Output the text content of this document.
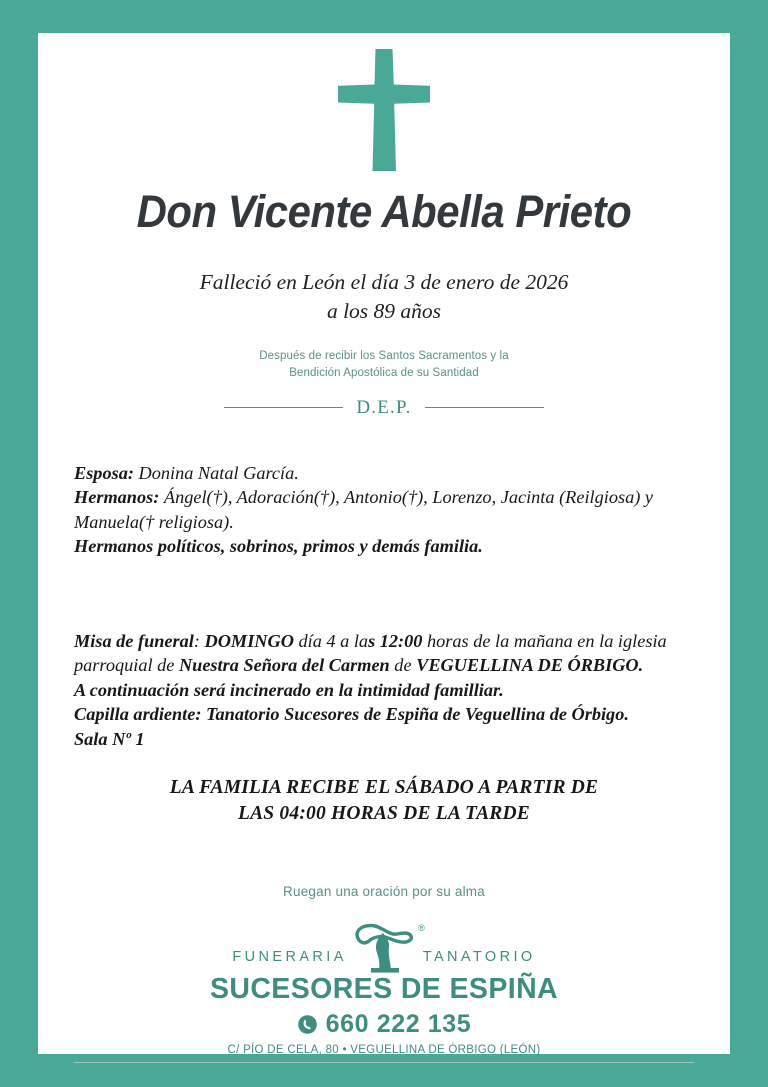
Don Vicente Abella Prieto
Falleció en León el día 3 de enero de 2026
a los 89 años
Después de recibir los Santos Sacramentos y la
Bendición Apostólica de su Santidad
D.E.P.
Esposa: Donina Natal García.
Hermanos: Ángel(†), Adoración(†), Antonio(†), Lorenzo, Jacinta (Reilgiosa) y Manuela(† religiosa).
Hermanos políticos, sobrinos, primos y demás familia.
Misa de funeral: DOMINGO día 4 a las 12:00 horas de la mañana en la iglesia parroquial de Nuestra Señora del Carmen de VEGUELLINA DE ÓRBIGO.
A continuación será incinerado en la intimidad familliar.
Capilla ardiente: Tanatorio Sucesores de Espiña de Veguellina de Órbigo.
Sala Nº 1
LA FAMILIA RECIBE EL SÁBADO A PARTIR DE
LAS 04:00 HORAS DE LA TARDE
Ruegan una oración por su alma
FUNERARIA
®
TANATORIO
SUCESORES DE ESPIÑA
660 222 135
C/ PÍO DE CELA, 80 • VEGUELLINA DE ÓRBIGO (LEÓN)
